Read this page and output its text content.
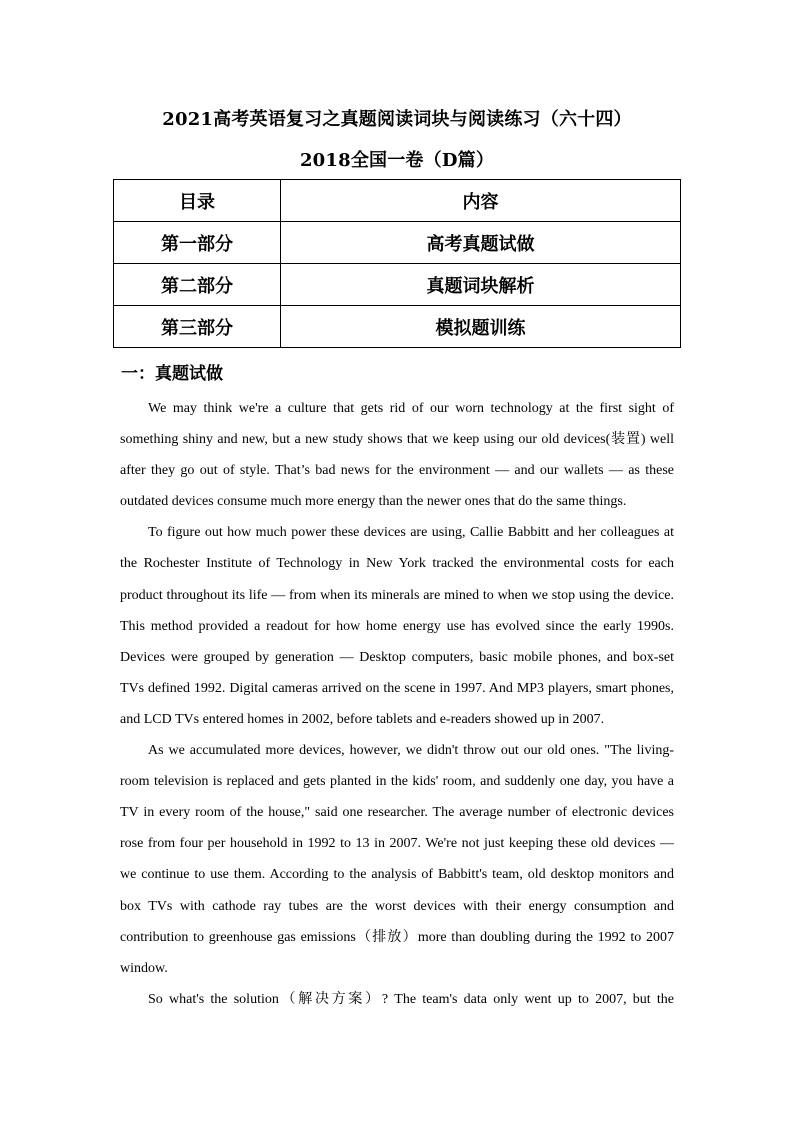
2021高考英语复习之真题阅读词块与阅读练习（六十四）
2018全国一卷（D篇）
目录	内容
第一部分	高考真题试做
第二部分	真题词块解析
第三部分	模拟题训练
一：真题试做

We may think we're a culture that gets rid of our worn technology at the first sight of something shiny and new, but a new study shows that we keep using our old devices(装置) well after they go out of style. That’s bad news for the environment — and our wallets — as these outdated devices consume much more energy than the newer ones that do the same things.

To figure out how much power these devices are using, Callie Babbitt and her colleagues at the Rochester Institute of Technology in New York tracked the environmental costs for each product throughout its life — from when its minerals are mined to when we stop using the device. This method provided a readout for how home energy use has evolved since the early 1990s. Devices were grouped by generation — Desktop computers, basic mobile phones, and box-set TVs defined 1992. Digital cameras arrived on the scene in 1997. And MP3 players, smart phones, and LCD TVs entered homes in 2002, before tablets and e-readers showed up in 2007.

As we accumulated more devices, however, we didn't throw out our old ones. "The living-room television is replaced and gets planted in the kids' room, and suddenly one day, you have a TV in every room of the house," said one researcher. The average number of electronic devices rose from four per household in 1992 to 13 in 2007. We're not just keeping these old devices — we continue to use them. According to the analysis of Babbitt's team, old desktop monitors and box TVs with cathode ray tubes are the worst devices with their energy consumption and contribution to greenhouse gas emissions（排放）more than doubling during the 1992 to 2007 window.

So what's the solution（解决方案）? The team's data only went up to 2007, but the
